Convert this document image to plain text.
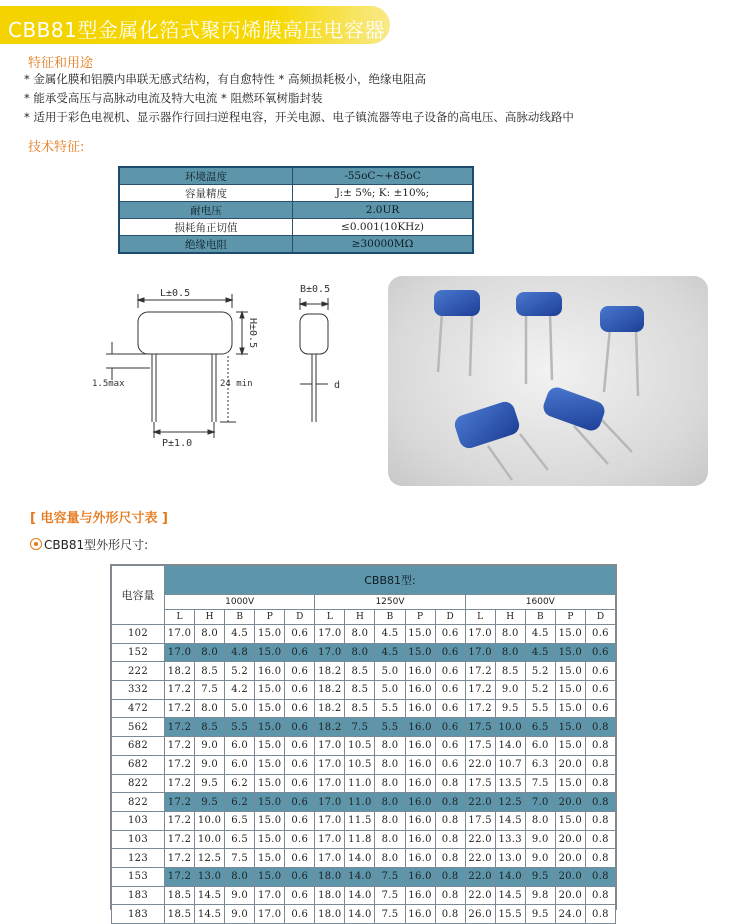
CBB81型金属化箔式聚丙烯膜高压电容器
特征和用途
* 金属化膜和铝膜内串联无感式结构，有自愈特性 * 高频损耗极小，绝缘电阻高
* 能承受高压与高脉动电流及特大电流 * 阻燃环氧树脂封装
* 适用于彩色电视机、显示器作行回扫逆程电容，开关电源、电子镇流器等电子设备的高电压、高脉动线路中
技术特征:
环境温度	-55oC~+85oC
容量精度	J:± 5%; K: ±10%;
耐电压	2.0UR
损耗角正切值	≤0.001(10KHz)
绝缘电阻	≥30000MΩ
L±0.5
H±0.5
1.5max	24 min
P±1.0
B±0.5
d
[ 电容量与外形尺寸表 ]
CBB81型外形尺寸:
电容量	CBB81型:														
	1000V					1250V					1600V				
	L	H	B	P	D	L	H	B	P	D	L	H	B	P	D
102	17.0	8.0	4.5	15.0	0.6	17.0	8.0	4.5	15.0	0.6	17.0	8.0	4.5	15.0	0.6
152	17.0	8.0	4.8	15.0	0.6	17.0	8.0	4.5	15.0	0.6	17.0	8.0	4.5	15.0	0.6
222	18.2	8.5	5.2	16.0	0.6	18.2	8.5	5.0	16.0	0.6	17.2	8.5	5.2	15.0	0.6
332	17.2	7.5	4.2	15.0	0.6	18.2	8.5	5.0	16.0	0.6	17.2	9.0	5.2	15.0	0.6
472	17.2	8.0	5.0	15.0	0.6	18.2	8.5	5.5	16.0	0.6	17.2	9.5	5.5	15.0	0.6
562	17.2	8.5	5.5	15.0	0.6	18.2	7.5	5.5	16.0	0.6	17.5	10.0	6.5	15.0	0.8
682	17.2	9.0	6.0	15.0	0.6	17.0	10.5	8.0	16.0	0.6	17.5	14.0	6.0	15.0	0.8
682	17.2	9.0	6.0	15.0	0.6	17.0	10.5	8.0	16.0	0.6	22.0	10.7	6.3	20.0	0.8
822	17.2	9.5	6.2	15.0	0.6	17.0	11.0	8.0	16.0	0.8	17.5	13.5	7.5	15.0	0.8
822	17.2	9.5	6.2	15.0	0.6	17.0	11.0	8.0	16.0	0.8	22.0	12.5	7.0	20.0	0.8
103	17.2	10.0	6.5	15.0	0.6	17.0	11.5	8.0	16.0	0.8	17.5	14.5	8.0	15.0	0.8
103	17.2	10.0	6.5	15.0	0.6	17.0	11.8	8.0	16.0	0.8	22.0	13.3	9.0	20.0	0.8
123	17.2	12.5	7.5	15.0	0.6	17.0	14.0	8.0	16.0	0.8	22.0	13.0	9.0	20.0	0.8
153	17.2	13.0	8.0	15.0	0.6	18.0	14.0	7.5	16.0	0.8	22.0	14.0	9.5	20.0	0.8
183	18.5	14.5	9.0	17.0	0.6	18.0	14.0	7.5	16.0	0.8	22.0	14.5	9.8	20.0	0.8
183	18.5	14.5	9.0	17.0	0.6	18.0	14.0	7.5	16.0	0.8	26.0	15.5	9.5	24.0	0.8
